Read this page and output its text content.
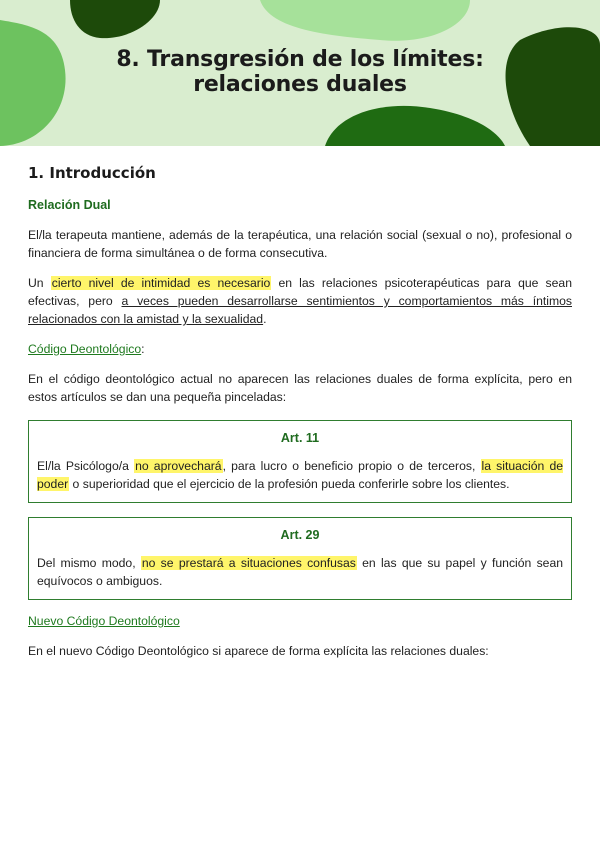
8. Transgresión de los límites:
relaciones duales
1. Introducción
Relación Dual

El/la terapeuta mantiene, además de la terapéutica, una relación social (sexual o no), profesional o financiera de forma simultánea o de forma consecutiva.

Un cierto nivel de intimidad es necesario en las relaciones psicoterapéuticas para que sean efectivas, pero a veces pueden desarrollarse sentimientos y comportamientos más íntimos relacionados con la amistad y la sexualidad.

Código Deontológico:

En el código deontológico actual no aparecen las relaciones duales de forma explícita, pero en estos artículos se dan una pequeña pinceladas:

Art. 11

El/la Psicólogo/a no aprovechará, para lucro o beneficio propio o de terceros, la situación de poder o superioridad que el ejercicio de la profesión pueda conferirle sobre los clientes.

Art. 29

Del mismo modo, no se prestará a situaciones confusas en las que su papel y función sean equívocos o ambiguos.

Nuevo Código Deontológico

En el nuevo Código Deontológico si aparece de forma explícita las relaciones duales:
